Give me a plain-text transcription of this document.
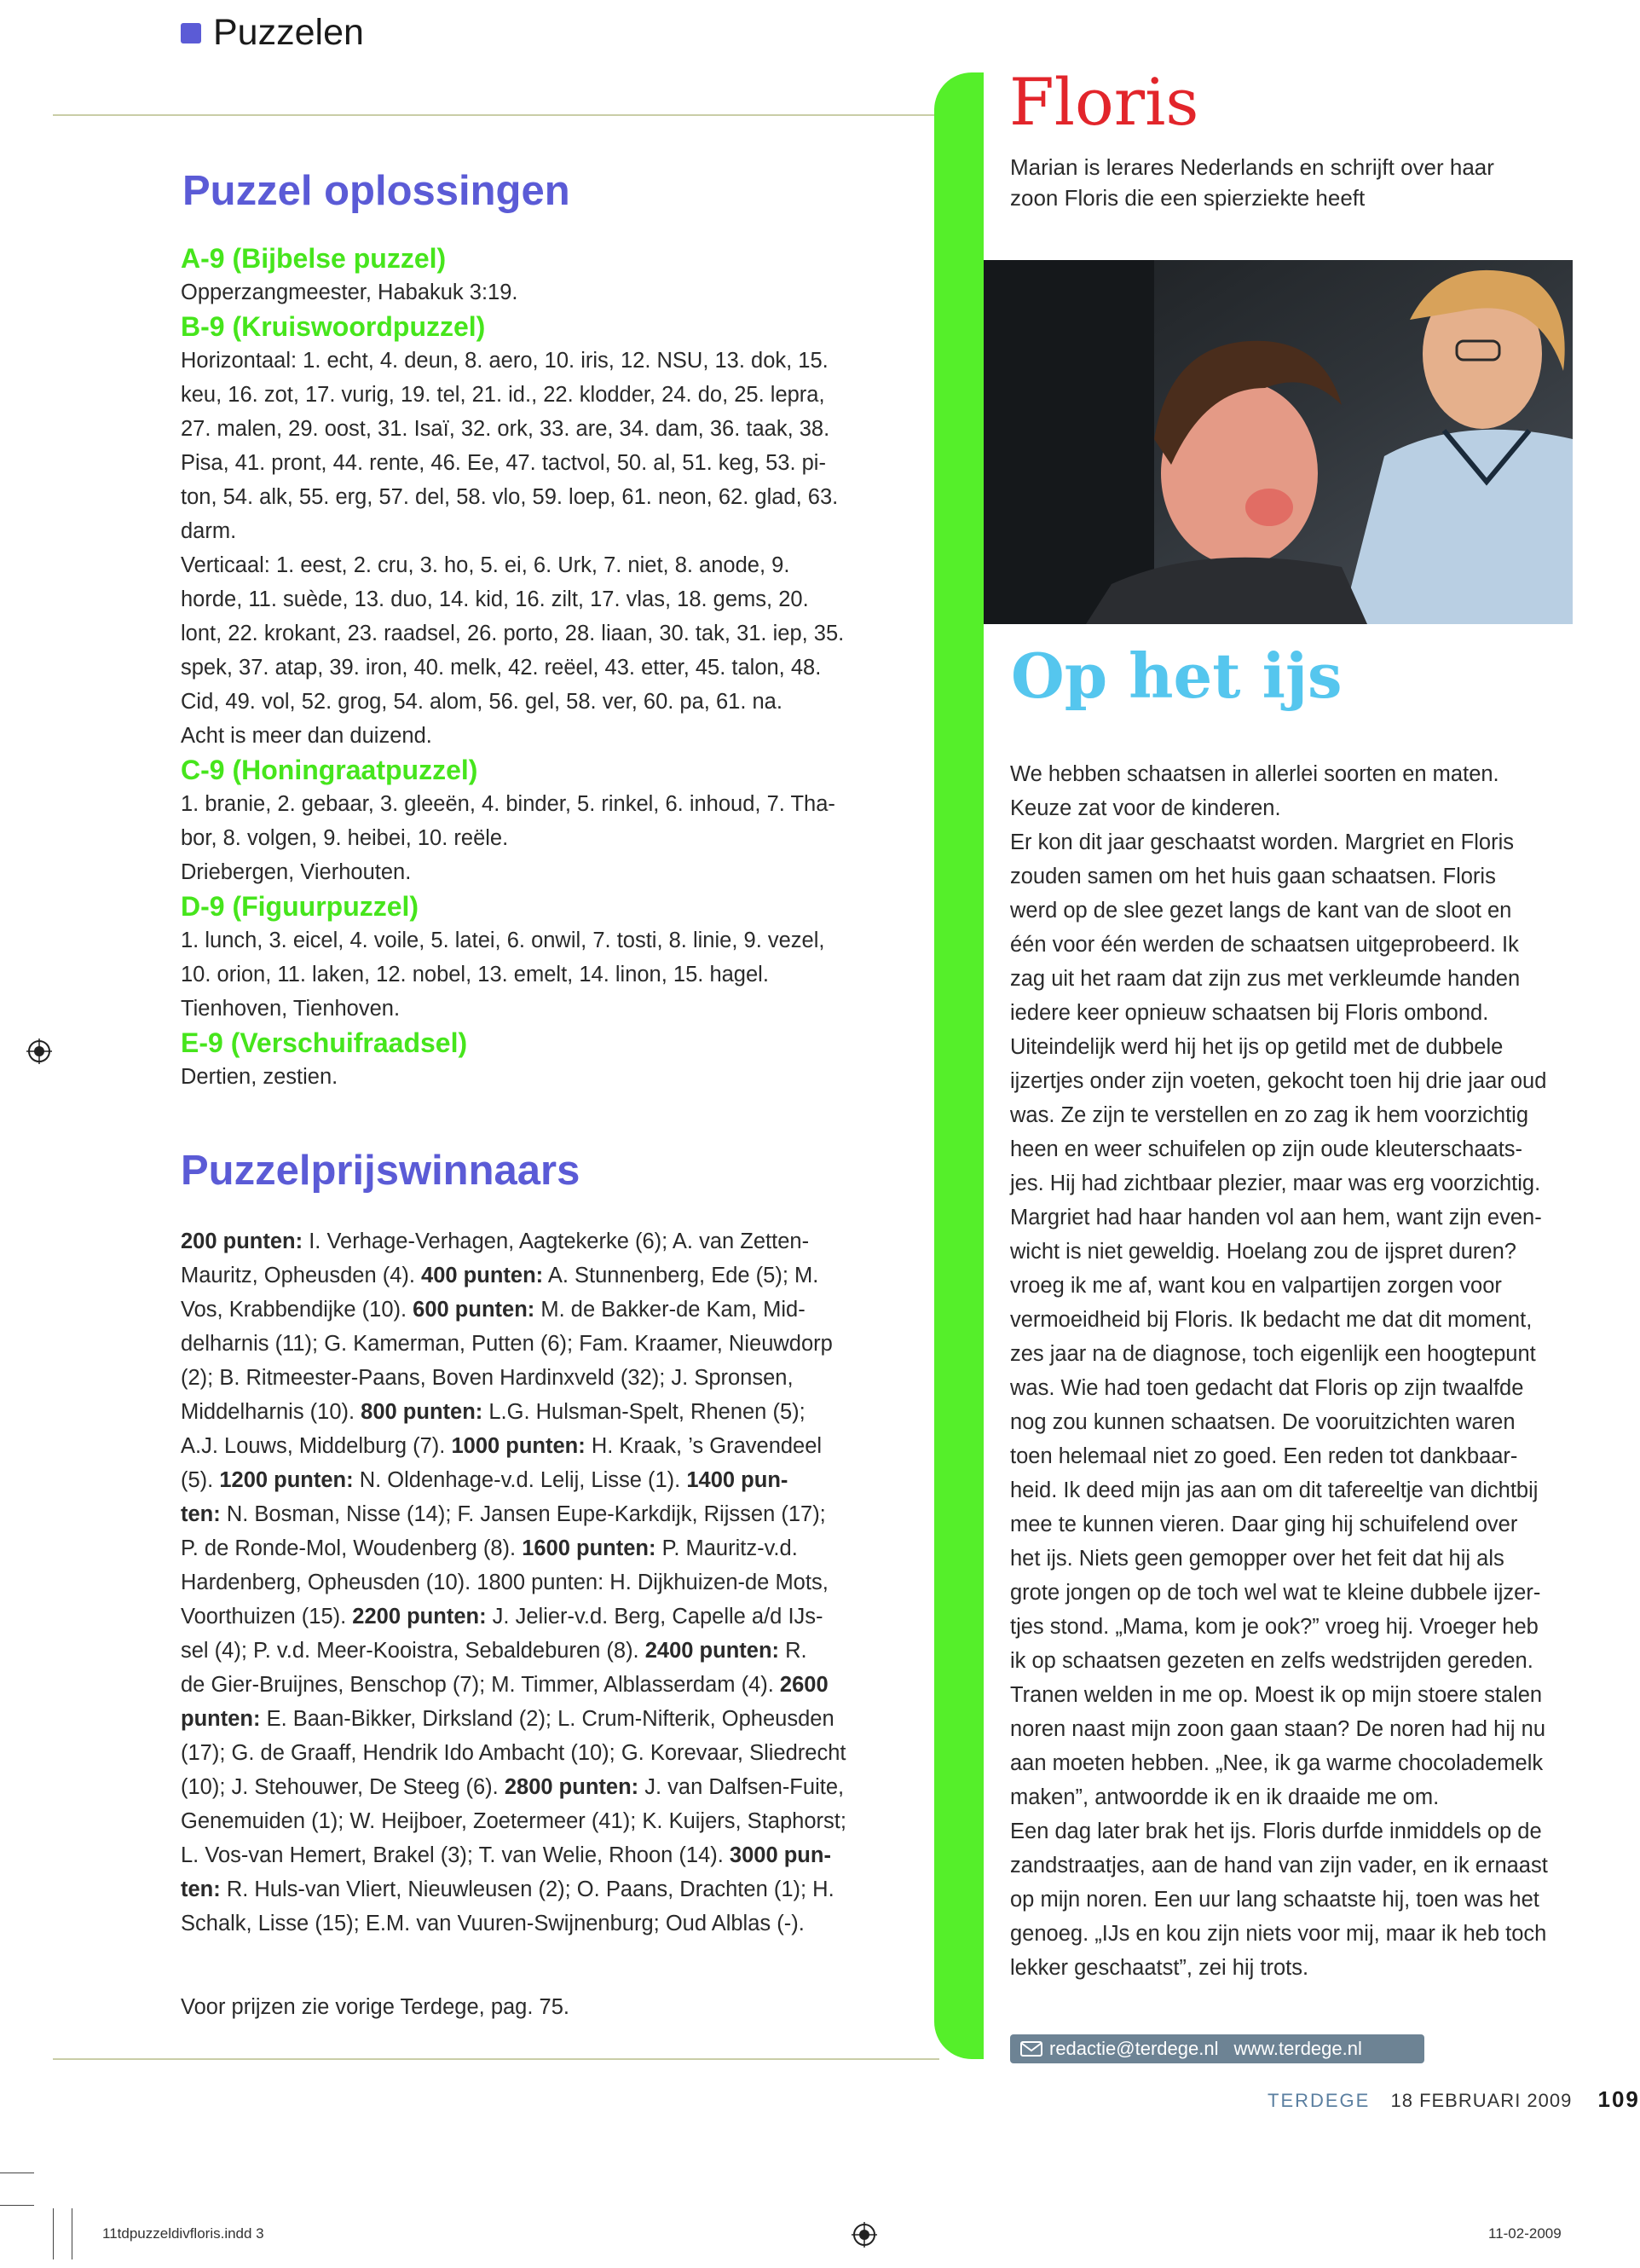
Puzzelen
Puzzel oplossingen
A-9 (Bijbelse puzzel)
Opperzangmeester, Habakuk 3:19.
B-9 (Kruiswoordpuzzel)
Horizontaal: 1. echt, 4. deun, 8. aero, 10. iris, 12. NSU, 13. dok, 15.
keu, 16. zot, 17. vurig, 19. tel, 21. id., 22. klodder, 24. do, 25. lepra,
27. malen, 29. oost, 31. Isaï, 32. ork, 33. are, 34. dam, 36. taak, 38.
Pisa, 41. pront, 44. rente, 46. Ee, 47. tactvol, 50. al, 51. keg, 53. pi-
ton, 54. alk, 55. erg, 57. del, 58. vlo, 59. loep, 61. neon, 62. glad, 63.
darm.
Verticaal: 1. eest, 2. cru, 3. ho, 5. ei, 6. Urk, 7. niet, 8. anode, 9.
horde, 11. suède, 13. duo, 14. kid, 16. zilt, 17. vlas, 18. gems, 20.
lont, 22. krokant, 23. raadsel, 26. porto, 28. liaan, 30. tak, 31. iep, 35.
spek, 37. atap, 39. iron, 40. melk, 42. reëel, 43. etter, 45. talon, 48.
Cid, 49. vol, 52. grog, 54. alom, 56. gel, 58. ver, 60. pa, 61. na.
Acht is meer dan duizend.
C-9 (Honingraatpuzzel)
1. branie, 2. gebaar, 3. gleeën, 4. binder, 5. rinkel, 6. inhoud, 7. Tha-
bor, 8. volgen, 9. heibei, 10. reële.
Driebergen, Vierhouten.
D-9 (Figuurpuzzel)
1. lunch, 3. eicel, 4. voile, 5. latei, 6. onwil, 7. tosti, 8. linie, 9. vezel,
10. orion, 11. laken, 12. nobel, 13. emelt, 14. linon, 15. hagel.
Tienhoven, Tienhoven.
E-9 (Verschuifraadsel)
Dertien, zestien.
Puzzelprijswinnaars
200 punten: I. Verhage-Verhagen, Aagtekerke (6); A. van Zetten-
Mauritz, Opheusden (4). 400 punten: A. Stunnenberg, Ede (5); M.
Vos, Krabbendijke (10). 600 punten: M. de Bakker-de Kam, Mid-
delharnis (11); G. Kamerman, Putten (6); Fam. Kraamer, Nieuwdorp
(2); B. Ritmeester-Paans, Boven Hardinxveld (32); J. Spronsen,
Middelharnis (10). 800 punten: L.G. Hulsman-Spelt, Rhenen (5);
A.J. Louws, Middelburg (7). 1000 punten: H. Kraak, ’s Gravendeel
(5). 1200 punten: N. Oldenhage-v.d. Lelij, Lisse (1). 1400 pun-
ten: N. Bosman, Nisse (14); F. Jansen Eupe-Karkdijk, Rijssen (17);
P. de Ronde-Mol, Woudenberg (8). 1600 punten: P. Mauritz-v.d.
Hardenberg, Opheusden (10). 1800 punten: H. Dijkhuizen-de Mots,
Voorthuizen (15). 2200 punten: J. Jelier-v.d. Berg, Capelle a/d IJs-
sel (4); P. v.d. Meer-Kooistra, Sebaldeburen (8). 2400 punten: R.
de Gier-Bruijnes, Benschop (7); M. Timmer, Alblasserdam (4). 2600
punten: E. Baan-Bikker, Dirksland (2); L. Crum-Nifterik, Opheusden
(17); G. de Graaff, Hendrik Ido Ambacht (10); G. Korevaar, Sliedrecht
(10); J. Stehouwer, De Steeg (6). 2800 punten: J. van Dalfsen-Fuite,
Genemuiden (1); W. Heijboer, Zoetermeer (41); K. Kuijers, Staphorst;
L. Vos-van Hemert, Brakel (3); T. van Welie, Rhoon (14). 3000 pun-
ten: R. Huls-van Vliert, Nieuwleusen (2); O. Paans, Drachten (1); H.
Schalk, Lisse (15); E.M. van Vuuren-Swijnenburg; Oud Alblas (-).
Voor prijzen zie vorige Terdege, pag. 75.
Floris
Marian is lerares Nederlands en schrijft over haar
zoon Floris die een spierziekte heeft
Op het ijs
We hebben schaatsen in allerlei soorten en maten.
Keuze zat voor de kinderen.
Er kon dit jaar geschaatst worden. Margriet en Floris
zouden samen om het huis gaan schaatsen. Floris
werd op de slee gezet langs de kant van de sloot en
één voor één werden de schaatsen uitgeprobeerd. Ik
zag uit het raam dat zijn zus met verkleumde handen
iedere keer opnieuw schaatsen bij Floris ombond.
Uiteindelijk werd hij het ijs op getild met de dubbele
ijzertjes onder zijn voeten, gekocht toen hij drie jaar oud
was. Ze zijn te verstellen en zo zag ik hem voorzichtig
heen en weer schuifelen op zijn oude kleuterschaats-
jes. Hij had zichtbaar plezier, maar was erg voorzichtig.
Margriet had haar handen vol aan hem, want zijn even-
wicht is niet geweldig. Hoelang zou de ijspret duren?
vroeg ik me af, want kou en valpartijen zorgen voor
vermoeidheid bij Floris. Ik bedacht me dat dit moment,
zes jaar na de diagnose, toch eigenlijk een hoogtepunt
was. Wie had toen gedacht dat Floris op zijn twaalfde
nog zou kunnen schaatsen. De vooruitzichten waren
toen helemaal niet zo goed. Een reden tot dankbaar-
heid. Ik deed mijn jas aan om dit tafereeltje van dichtbij
mee te kunnen vieren. Daar ging hij schuifelend over
het ijs. Niets geen gemopper over het feit dat hij als
grote jongen op de toch wel wat te kleine dubbele ijzer-
tjes stond. „Mama, kom je ook?” vroeg hij. Vroeger heb
ik op schaatsen gezeten en zelfs wedstrijden gereden.
Tranen welden in me op. Moest ik op mijn stoere stalen
noren naast mijn zoon gaan staan? De noren had hij nu
aan moeten hebben. „Nee, ik ga warme chocolademelk
maken”, antwoordde ik en ik draaide me om.
Een dag later brak het ijs. Floris durfde inmiddels op de
zandstraatjes, aan de hand van zijn vader, en ik ernaast
op mijn noren. Een uur lang schaatste hij, toen was het
genoeg. „IJs en kou zijn niets voor mij, maar ik heb toch
lekker geschaatst”, zei hij trots.
redactie@terdege.nl www.terdege.nl
TERDEGE 18 FEBRUARI 2009 109
11tdpuzzeldivfloris.indd 3	11-02-2009
